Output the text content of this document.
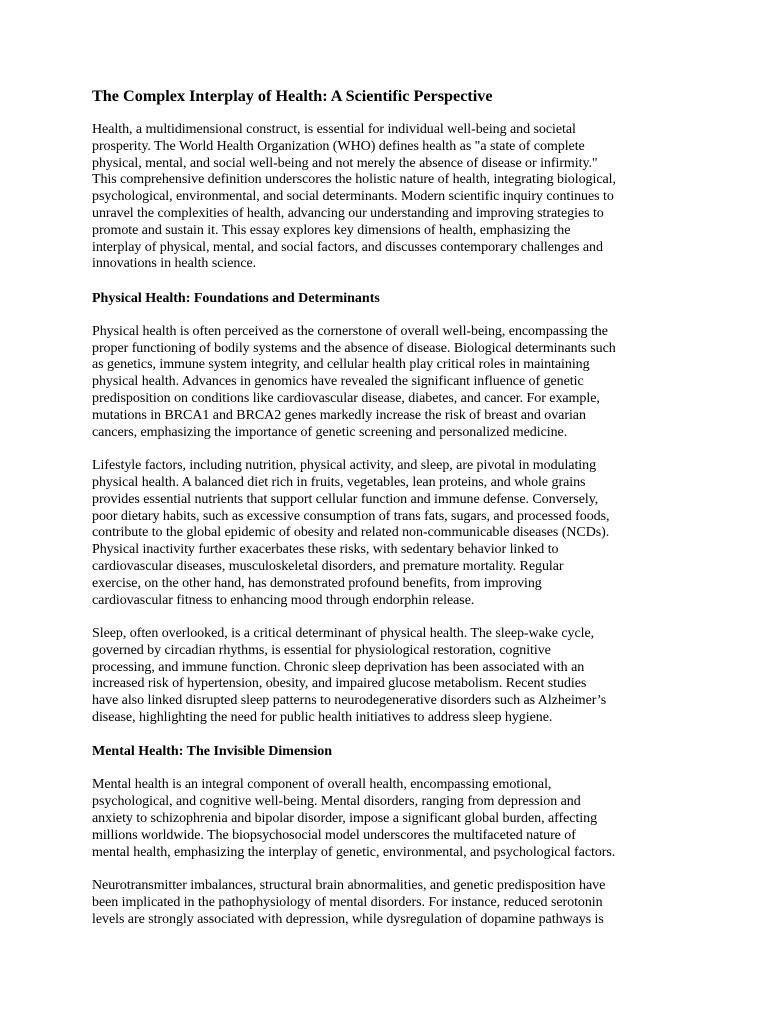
The Complex Interplay of Health: A Scientific Perspective
Health, a multidimensional construct, is essential for individual well-being and societal
prosperity. The World Health Organization (WHO) defines health as "a state of complete
physical, mental, and social well-being and not merely the absence of disease or infirmity."
This comprehensive definition underscores the holistic nature of health, integrating biological,
psychological, environmental, and social determinants. Modern scientific inquiry continues to
unravel the complexities of health, advancing our understanding and improving strategies to
promote and sustain it. This essay explores key dimensions of health, emphasizing the
interplay of physical, mental, and social factors, and discusses contemporary challenges and
innovations in health science.
Physical Health: Foundations and Determinants
Physical health is often perceived as the cornerstone of overall well-being, encompassing the
proper functioning of bodily systems and the absence of disease. Biological determinants such
as genetics, immune system integrity, and cellular health play critical roles in maintaining
physical health. Advances in genomics have revealed the significant influence of genetic
predisposition on conditions like cardiovascular disease, diabetes, and cancer. For example,
mutations in BRCA1 and BRCA2 genes markedly increase the risk of breast and ovarian
cancers, emphasizing the importance of genetic screening and personalized medicine.
Lifestyle factors, including nutrition, physical activity, and sleep, are pivotal in modulating
physical health. A balanced diet rich in fruits, vegetables, lean proteins, and whole grains
provides essential nutrients that support cellular function and immune defense. Conversely,
poor dietary habits, such as excessive consumption of trans fats, sugars, and processed foods,
contribute to the global epidemic of obesity and related non-communicable diseases (NCDs).
Physical inactivity further exacerbates these risks, with sedentary behavior linked to
cardiovascular diseases, musculoskeletal disorders, and premature mortality. Regular
exercise, on the other hand, has demonstrated profound benefits, from improving
cardiovascular fitness to enhancing mood through endorphin release.
Sleep, often overlooked, is a critical determinant of physical health. The sleep-wake cycle,
governed by circadian rhythms, is essential for physiological restoration, cognitive
processing, and immune function. Chronic sleep deprivation has been associated with an
increased risk of hypertension, obesity, and impaired glucose metabolism. Recent studies
have also linked disrupted sleep patterns to neurodegenerative disorders such as Alzheimer’s
disease, highlighting the need for public health initiatives to address sleep hygiene.
Mental Health: The Invisible Dimension
Mental health is an integral component of overall health, encompassing emotional,
psychological, and cognitive well-being. Mental disorders, ranging from depression and
anxiety to schizophrenia and bipolar disorder, impose a significant global burden, affecting
millions worldwide. The biopsychosocial model underscores the multifaceted nature of
mental health, emphasizing the interplay of genetic, environmental, and psychological factors.
Neurotransmitter imbalances, structural brain abnormalities, and genetic predisposition have
been implicated in the pathophysiology of mental disorders. For instance, reduced serotonin
levels are strongly associated with depression, while dysregulation of dopamine pathways is
